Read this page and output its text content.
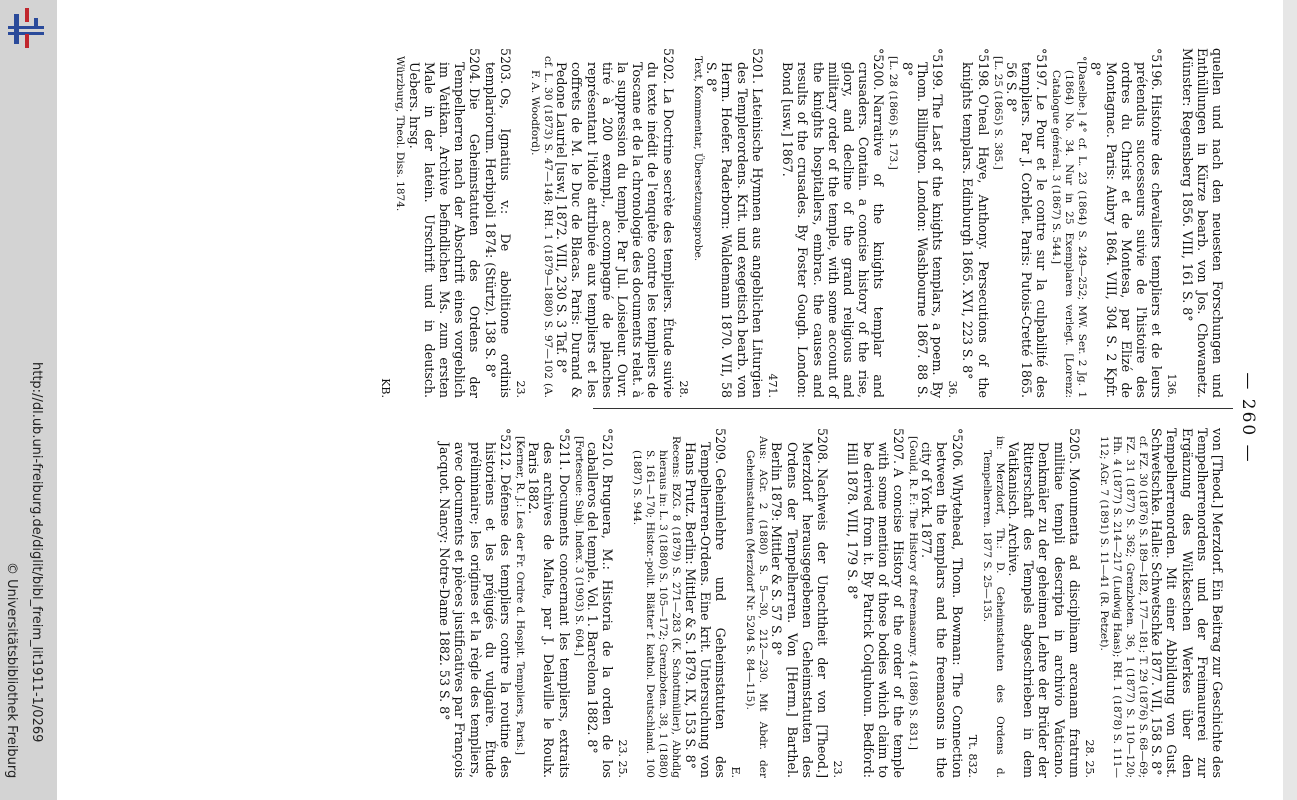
http://dl.ub.uni-freiburg.de/diglit/bibl_freim_lit1911-1/0269
© Universitätsbibliothek Freiburg
— 260 —

quellen und nach den neuesten Forschungen und Enthüllungen in Kürze bearb. von Jos. Chowanetz. Münster: Regensberg 1856. VIII, 161 S. 8°
136.

°5196.Histoire des chevaliers templiers et de leurs prétendus successeurs suivie de l'histoire des ordres du Christ et de Montesa, par Elizé de Montagnac. Paris: Aubry 1864. VIII, 304 S. 2 Kpfr. 8°
°[Daselbe.] 4° cf. L. 23 (1864) S. 249—252; MW. Ser. 2 Jg. 1 (1864) No. 34. Nur in 25 Exemplaren verlegt. [Lorenz: Catalogue général. 3 (1867) S. 544.]

°5197.Le Pour et le contre sur la culpabilité des templiers. Par J. Corblet. Paris: Putois-Cretté 1865. 56 S. 8°
[L. 25 (1865) S. 385.]

°5198.O'neal Haye, Anthony. Persecutions of the knights templars. Edinburgh 1865. XVI, 223 S. 8°
36.

°5199.The Last of the knights templars, a poem. By Thom. Billington. London: Washbourne 1867. 88 S. 8°
[L. 28 (1866) S. 173.]

°5200.Narrative of the knights templar and crusaders. Contain. a concise history of the rise, glory, and decline of the grand religious and military order of the temple, with some account of the knights hospitallers, embrac. the causes and results of the crusades. By Foster Gough. London: Bond [usw.] 1867.
471.

5201.Lateinische Hymnen aus angeblichen Liturgien des Templerordens. Krit. und exegetisch bearb. von Herm. Hoefer. Paderborn: Waldemann 1870. VII, 58 S. 8°
Text, Kommentar, Übersetzungsprobe.
28.

5202.La Doctrine secrète des templiers. Étude suivie du texte inédit de l'enquête contre les templiers de Toscane et de la chronologie des documents relat. à la suppression du temple. Par Jul. Loiseleur. Ouvr. tiré à 200 exempl., accompagné de planches représentant l'idole attribuée aux templiers et les coffrets de M. le Duc de Blacas. Paris: Durand & Pedone Lauriel [usw.] 1872. VIII, 230 S. 3 Taf. 8°
cf. L. 30 (1873) S. 47—148; RH. 1 (1879—1880) S. 97—102 (A. F. A. Woodford).
23.

5203.Os, Ignatius v.: De abolitione ordinis templariorum. Herbipoli 1874: (Stürtz). 138 S. 8°

5204.Die Geheimstatuten des Ordens der Tempelherren nach der Abschrift eines vorgeblich im Vatikan. Archive befindlichen Ms. zum ersten Male in der latein. Urschrift und in deutsch. Uebers. hrsg.
Würzburg, Theol. Diss. 1874.
KB.

von [Theod.] Merzdorf. Ein Beitrag zur Geschichte des Tempelherrenordens und der Freimaurerei zur Ergänzung des Wilckeschen Werkes über den Tempelherrenorden. Mit einer Abbildung von Gust. Schwetschke. Halle: Schwetschke 1877. VII, 158 S. 8°
cf. FZ. 30 (1876) S. 189—182, 177—181; T. 29 (1876) S. 68—69; FZ. 31 (1877) S. 362; Grenzboten. 36, 1 (1877) S. 110—120; Hh. 4 (1877) S. 214—217 (Ludwig Haas); RH. 1 (1878) S. 111—112; AGr. 7 (1891) S. 11—41 (R. Petzet).
28. 25.

5205.Monumenta ad disciplinam arcanam fratrum militiae templi descripta in archivio Vaticano. Denkmäler zu der geheimen Lehre der Brüder der Ritterschaft des Tempels abgeschrieben in dem Vatikanisch. Archive.
in: Merzdorf, Th.: D. Geheimstatuten des Ordens d. Tempelherren. 1877 S. 25—135.
Tt. 832.

°5206.Whytehead, Thom. Bowman: The Connection between the templars and the freemasons in the city of York. 1877.
[Gould, R. F.: The History of freemasonry. 4 (1886) S. 831.]

5207.A concise History of the order of the temple with some mention of those bodies which claim to be derived from it. By Patrick Colquhoun. Bedford: Hill 1878. VIII, 179 S. 8°
23.

5208.Nachweis der Unechtheit der von [Theod.] Merzdorf herausgegebenen Geheimstatuten des Ordens der Tempelherren. Von [Herm.] Barthel. Berlin 1879: Mittler & S. 57 S. 8°
Aus: AGr. 2 (1880) S. 5—30, 212—230. Mit Abdr. der Geheimstatuten (Merzdorf Nr. 5204 S. 84—115).
E.

5209.Geheimlehre und Geheimstatuten des Tempelherren-Ordens. Eine krit. Untersuchung von Hans Prutz. Berlin: Mittler & S. 1879. IX, 153 S. 8°
Recens: BZG. 8 (1879) S. 271—283 (K. Schottmüller), Abhdlg hieraus in: L. 3 (1880) S. 105—172; Grenzboten. 38, 1 (1880) S. 161—170; Histor.-polit. Blätter f. kathol. Deutschland. 100 (1887) S. 944.
23. 25.

°5210.Bruguera, M.: Historia de la orden de los caballeros del temple. Vol. 1. Barcelona 1882. 8°
[Fortescue: Subj. Index. 3 (1903) S. 604.]

°5211.Documents concernant les templiers, extraits des archives de Malte, par J. Delaville le Roulx. Paris 1882.
[Kerner, R. J.: Les der Fr. Ordre d. Hospit. Templiers, Paris.]

°5212.Défense des templiers contre la routine des historiens et les préjugés du vulgaire. Étude préliminaire; les origines et la règle des templiers, avec documents et pièces justificatives par François Jacquot. Nancy: Notre-Dame 1882. 53 S. 8°
